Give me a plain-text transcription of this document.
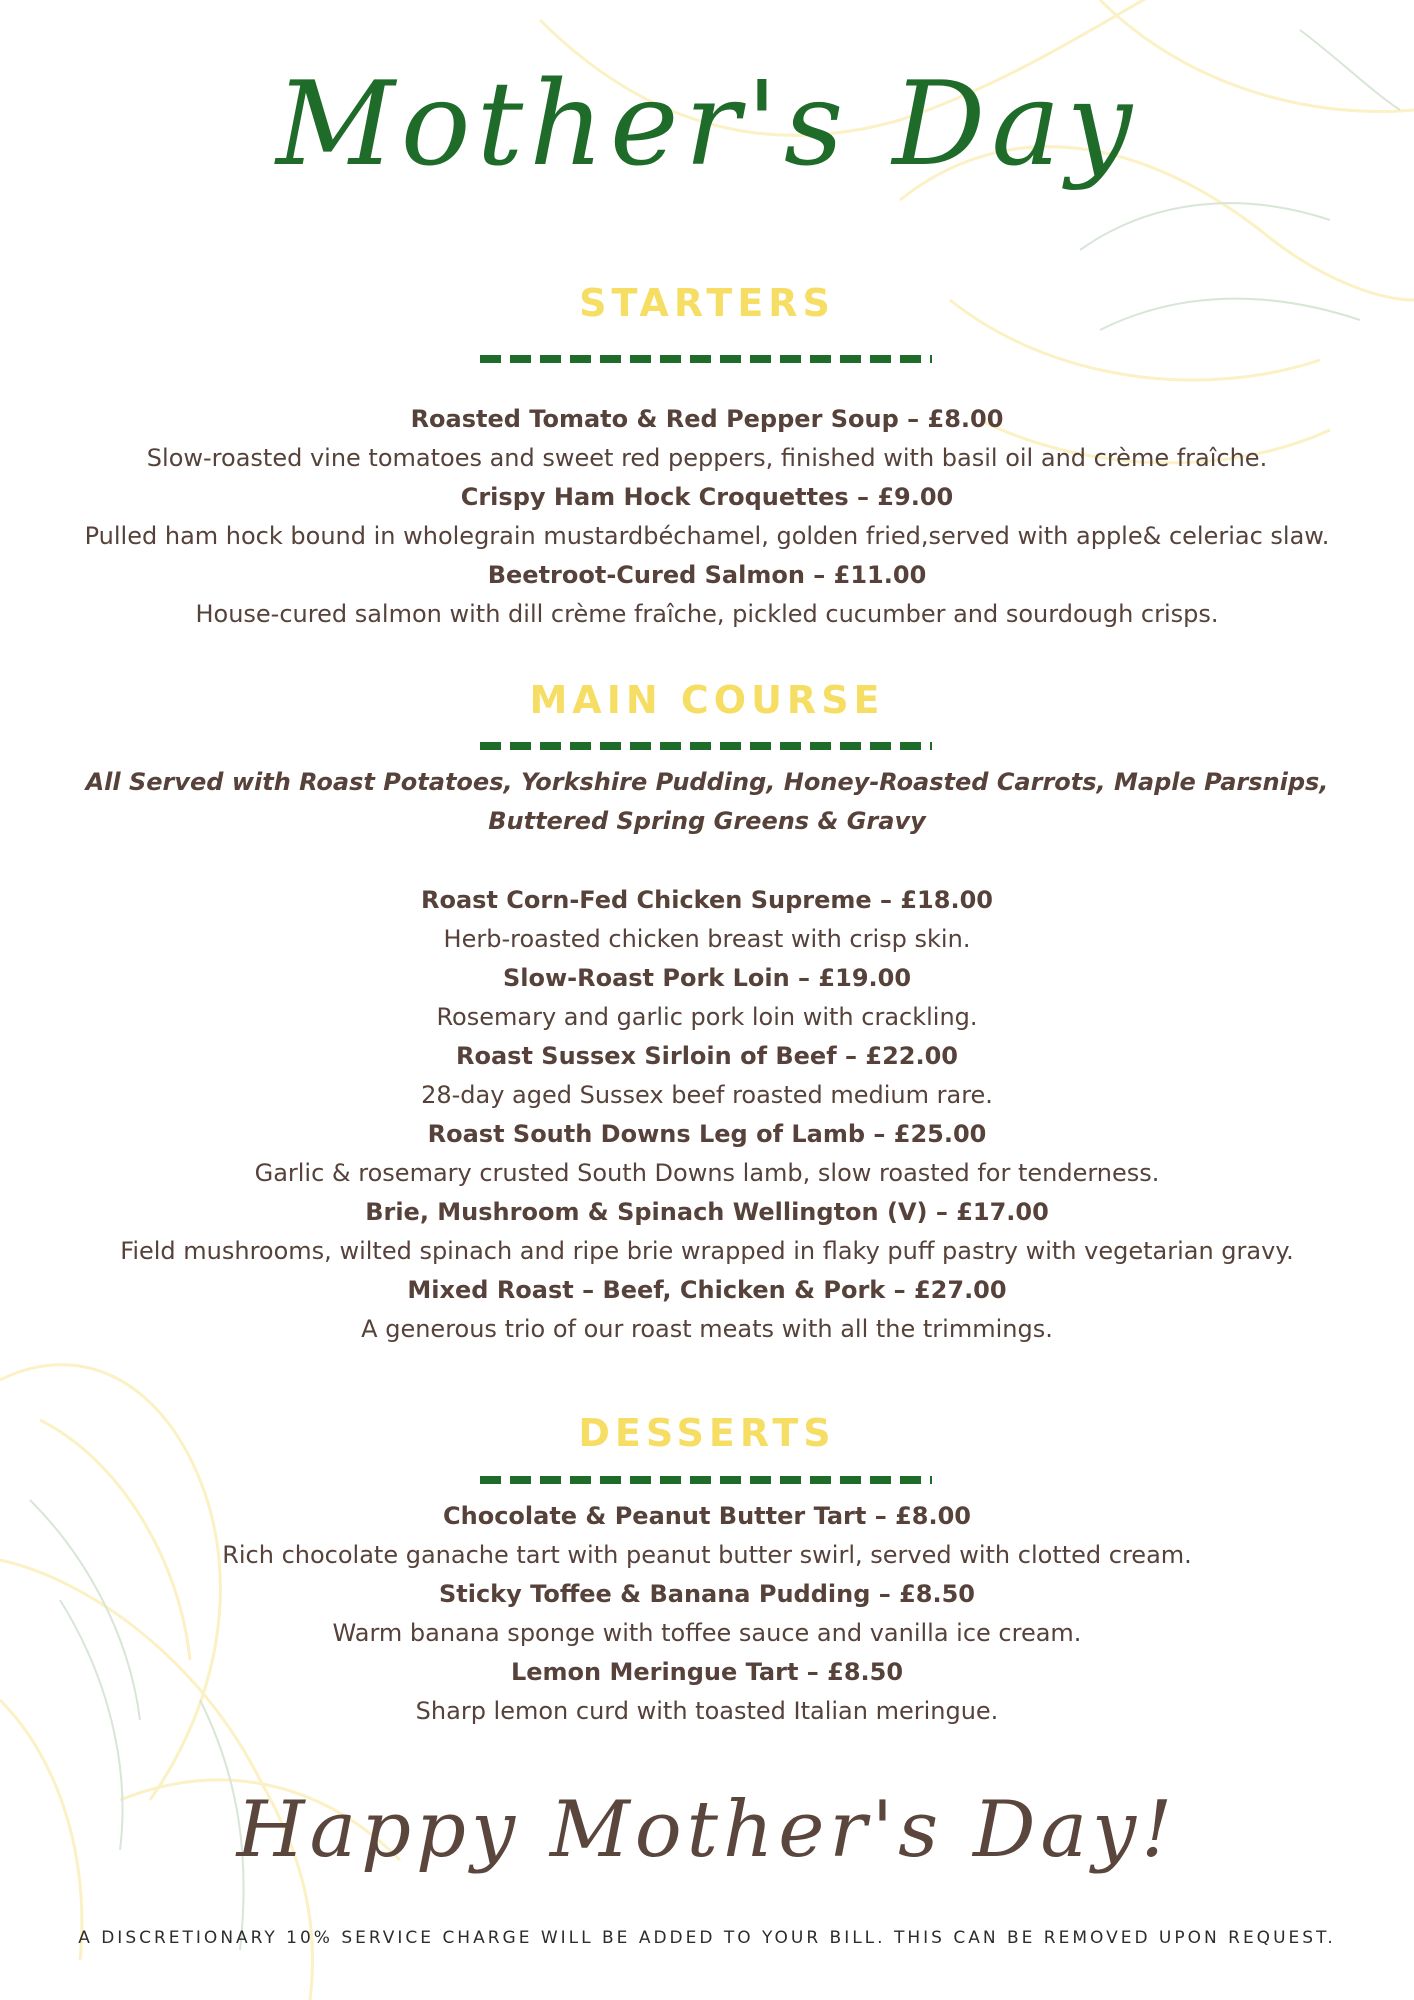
Mother's Day
STARTERS
Roasted Tomato & Red Pepper Soup – £8.00
Slow-roasted vine tomatoes and sweet red peppers, finished with basil oil and crème fraîche.
Crispy Ham Hock Croquettes – £9.00
Pulled ham hock bound in wholegrain mustardbéchamel, golden fried,served with apple& celeriac slaw.
Beetroot-Cured Salmon – £11.00
House-cured salmon with dill crème fraîche, pickled cucumber and sourdough crisps.
MAIN COURSE
All Served with Roast Potatoes, Yorkshire Pudding, Honey-Roasted Carrots, Maple Parsnips,
Buttered Spring Greens & Gravy
Roast Corn-Fed Chicken Supreme – £18.00
Herb-roasted chicken breast with crisp skin.
Slow-Roast Pork Loin – £19.00
Rosemary and garlic pork loin with crackling.
Roast Sussex Sirloin of Beef – £22.00
28-day aged Sussex beef roasted medium rare.
Roast South Downs Leg of Lamb – £25.00
Garlic & rosemary crusted South Downs lamb, slow roasted for tenderness.
Brie, Mushroom & Spinach Wellington (V) – £17.00
Field mushrooms, wilted spinach and ripe brie wrapped in flaky puff pastry with vegetarian gravy.
Mixed Roast – Beef, Chicken & Pork – £27.00
A generous trio of our roast meats with all the trimmings.
DESSERTS
Chocolate & Peanut Butter Tart – £8.00
Rich chocolate ganache tart with peanut butter swirl, served with clotted cream.
Sticky Toffee & Banana Pudding – £8.50
Warm banana sponge with toffee sauce and vanilla ice cream.
Lemon Meringue Tart – £8.50
Sharp lemon curd with toasted Italian meringue.
Happy Mother's Day!
A DISCRETIONARY 10% SERVICE CHARGE WILL BE ADDED TO YOUR BILL. THIS CAN BE REMOVED UPON REQUEST.
